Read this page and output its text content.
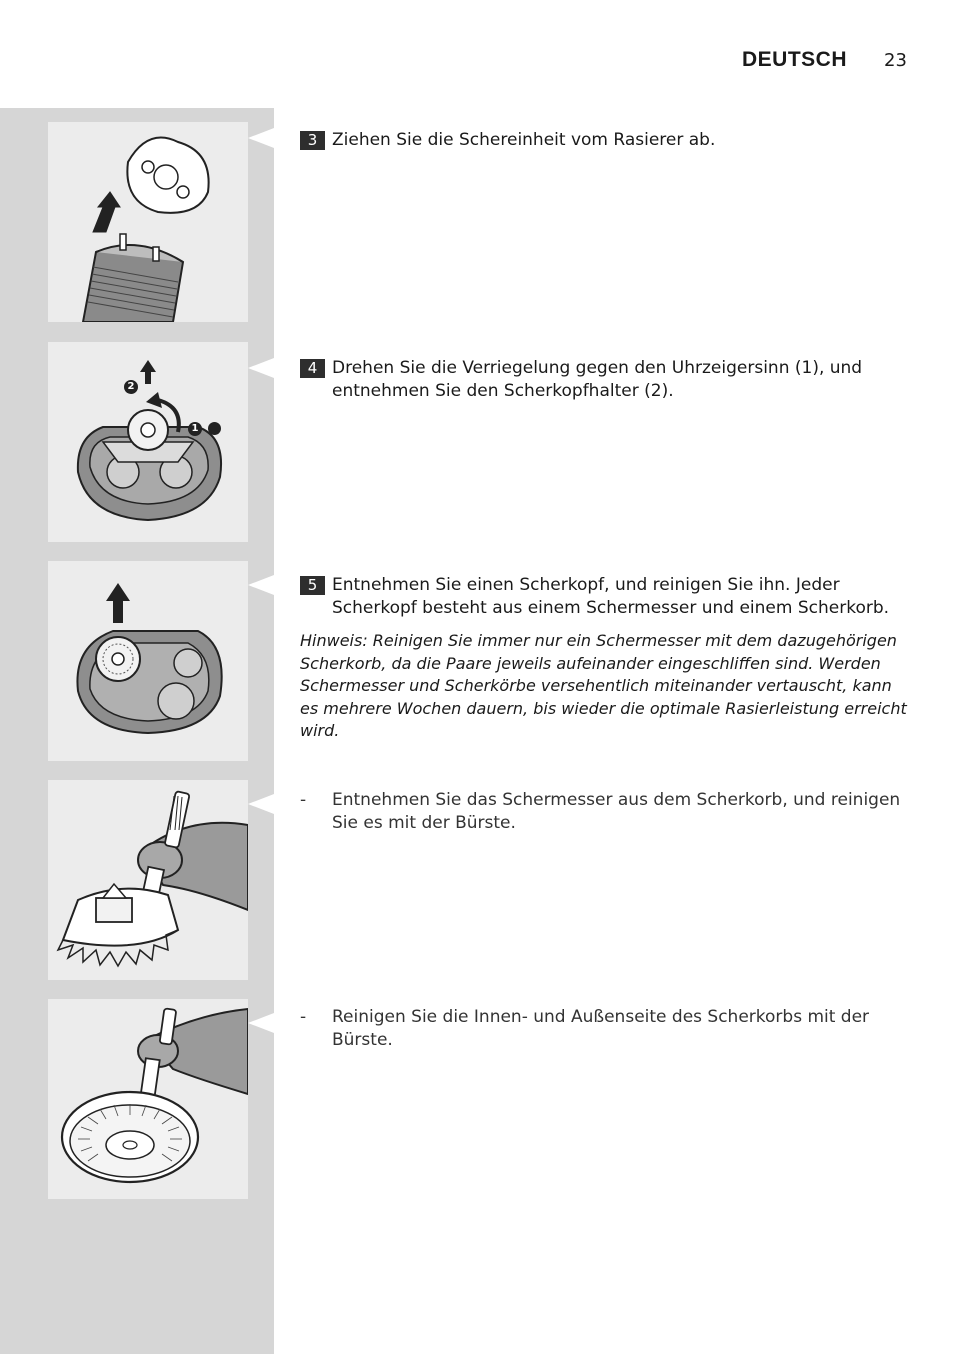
DEUTSCH 23
2
1
3 Ziehen Sie die Schereinheit vom Rasierer ab.
4 Drehen Sie die Verriegelung gegen den Uhrzeigersinn (1), und entnehmen Sie den Scherkopfhalter (2).
5 Entnehmen Sie einen Scherkopf, und reinigen Sie ihn. Jeder Scherkopf besteht aus einem Schermesser und einem Scherkorb.
Hinweis: Reinigen Sie immer nur ein Schermesser mit dem dazugehörigen Scherkorb, da die Paare jeweils aufeinander eingeschliffen sind. Werden Schermesser und Scherkörbe versehentlich miteinander vertauscht, kann es mehrere Wochen dauern, bis wieder die optimale Rasierleistung erreicht wird.
-	Entnehmen Sie das Schermesser aus dem Scherkorb, und reinigen Sie es mit der Bürste.
-	Reinigen Sie die Innen- und Außenseite des Scherkorbs mit der Bürste.
